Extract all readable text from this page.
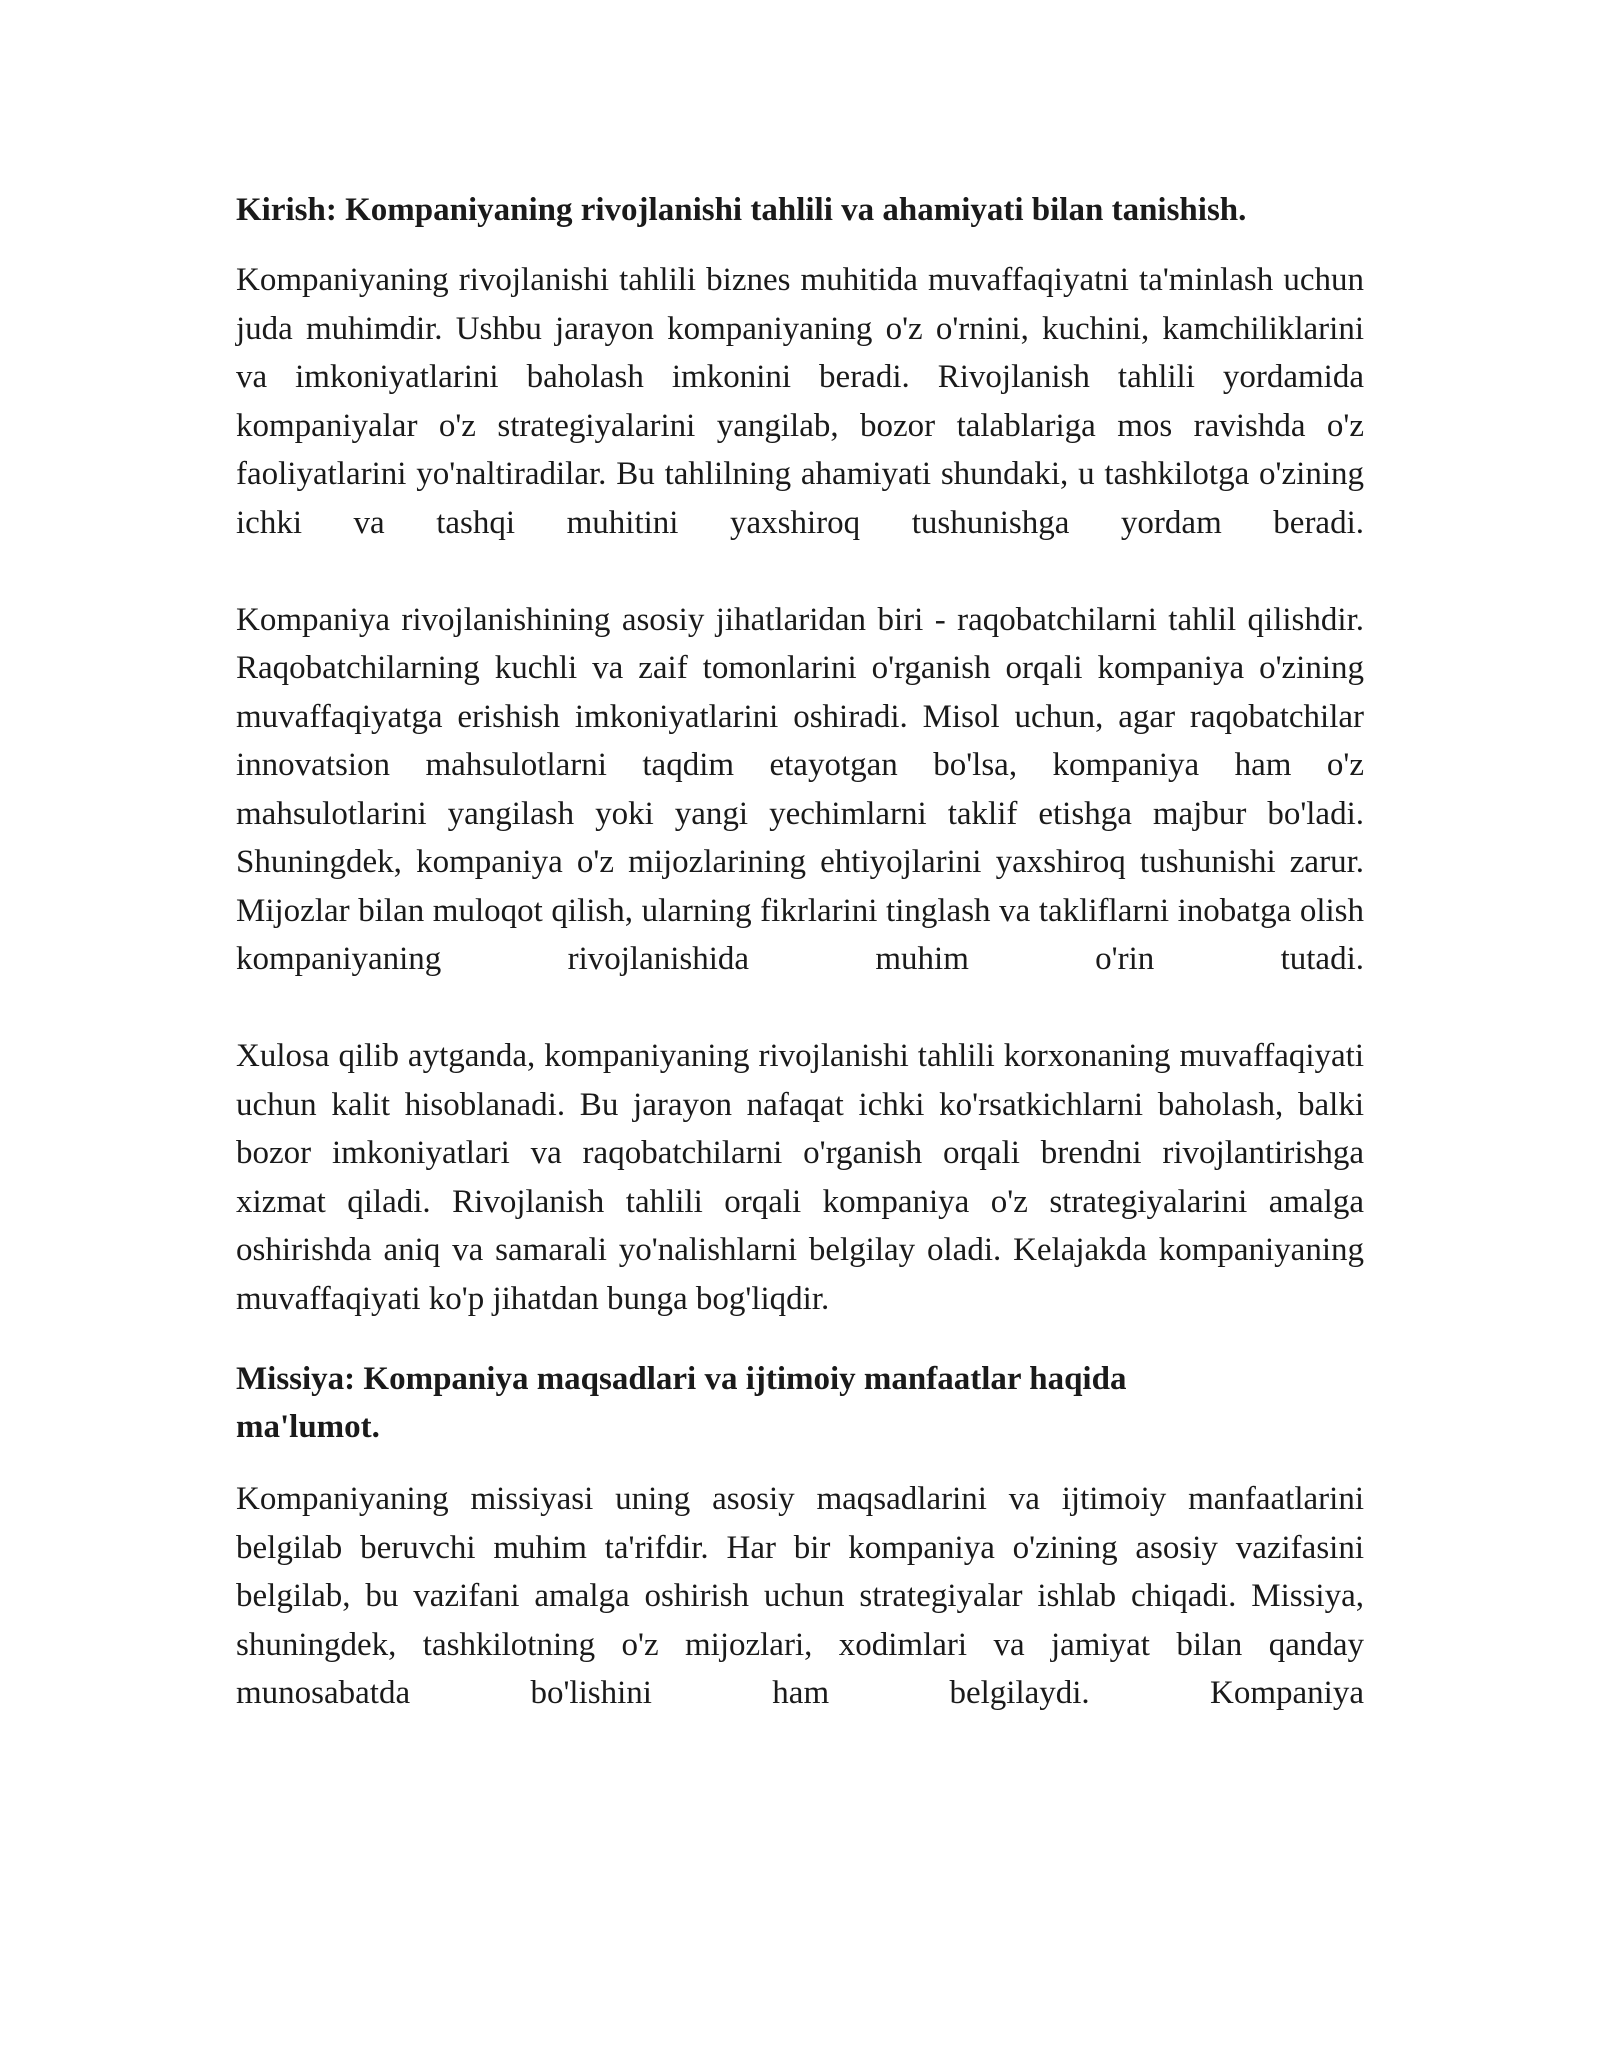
Kirish: Kompaniyaning rivojlanishi tahlili va ahamiyati bilan tanishish.

Kompaniyaning rivojlanishi tahlili biznes muhitida muvaffaqiyatni ta'minlash uchun juda muhimdir. Ushbu jarayon kompaniyaning o'z o'rnini, kuchini, kamchiliklarini va imkoniyatlarini baholash imkonini beradi. Rivojlanish tahlili yordamida kompaniyalar o'z strategiyalarini yangilab, bozor talablariga mos ravishda o'z faoliyatlarini yo'naltiradilar. Bu tahlilning ahamiyati shundaki, u tashkilotga o'zining ichki va tashqi muhitini yaxshiroq tushunishga yordam beradi.

Kompaniya rivojlanishining asosiy jihatlaridan biri - raqobatchilarni tahlil qilishdir. Raqobatchilarning kuchli va zaif tomonlarini o'rganish orqali kompaniya o'zining muvaffaqiyatga erishish imkoniyatlarini oshiradi. Misol uchun, agar raqobatchilar innovatsion mahsulotlarni taqdim etayotgan bo'lsa, kompaniya ham o'z mahsulotlarini yangilash yoki yangi yechimlarni taklif etishga majbur bo'ladi. Shuningdek, kompaniya o'z mijozlarining ehtiyojlarini yaxshiroq tushunishi zarur. Mijozlar bilan muloqot qilish, ularning fikrlarini tinglash va takliflarni inobatga olish kompaniyaning rivojlanishida muhim o'rin tutadi.

Xulosa qilib aytganda, kompaniyaning rivojlanishi tahlili korxonaning muvaffaqiyati uchun kalit hisoblanadi. Bu jarayon nafaqat ichki ko'rsatkichlarni baholash, balki bozor imkoniyatlari va raqobatchilarni o'rganish orqali brendni rivojlantirishga xizmat qiladi. Rivojlanish tahlili orqali kompaniya o'z strategiyalarini amalga oshirishda aniq va samarali yo'nalishlarni belgilay oladi. Kelajakda kompaniyaning muvaffaqiyati ko'p jihatdan bunga bog'liqdir.

Missiya: Kompaniya maqsadlari va ijtimoiy manfaatlar haqida ma'lumot.

Kompaniyaning missiyasi uning asosiy maqsadlarini va ijtimoiy manfaatlarini belgilab beruvchi muhim ta'rifdir. Har bir kompaniya o'zining asosiy vazifasini belgilab, bu vazifani amalga oshirish uchun strategiyalar ishlab chiqadi. Missiya, shuningdek, tashkilotning o'z mijozlari, xodimlari va jamiyat bilan qanday munosabatda bo'lishini ham belgilaydi. Kompaniya
